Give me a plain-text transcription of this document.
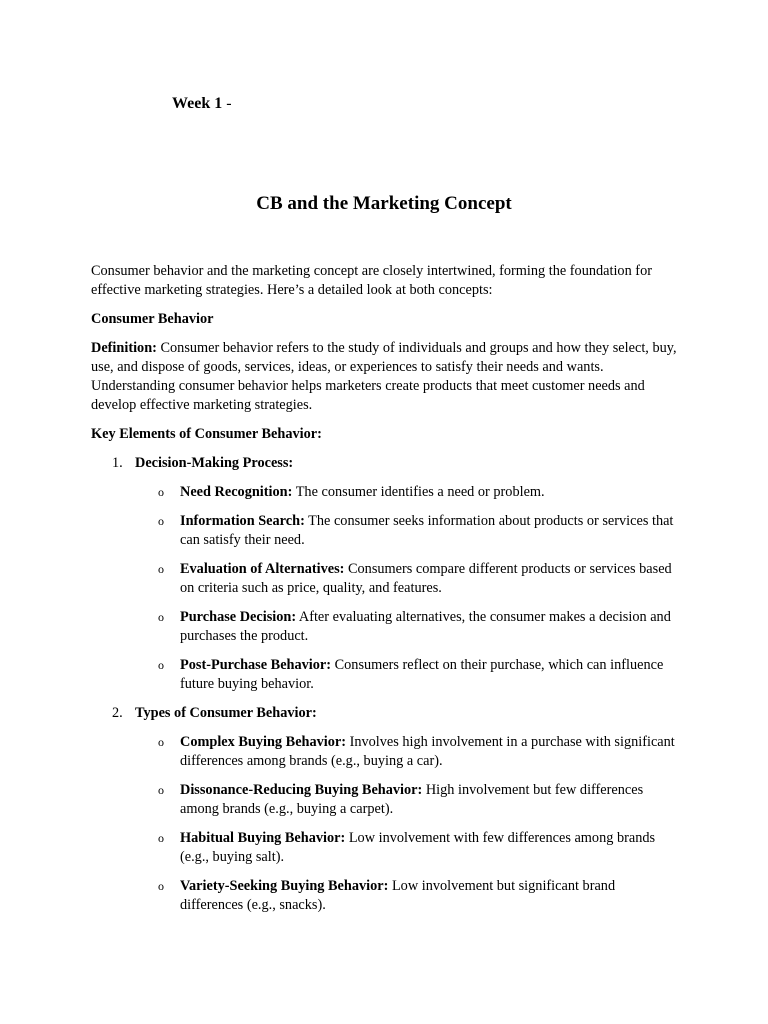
Week 1 -
CB and the Marketing Concept

Consumer behavior and the marketing concept are closely intertwined, forming the foundation for effective marketing strategies. Here’s a detailed look at both concepts:

Consumer Behavior

Definition: Consumer behavior refers to the study of individuals and groups and how they select, buy, use, and dispose of goods, services, ideas, or experiences to satisfy their needs and wants. Understanding consumer behavior helps marketers create products that meet customer needs and develop effective marketing strategies.

Key Elements of Consumer Behavior:

1. Decision-Making Process:
o Need Recognition: The consumer identifies a need or problem.
o Information Search: The consumer seeks information about products or services that can satisfy their need.
o Evaluation of Alternatives: Consumers compare different products or services based on criteria such as price, quality, and features.
o Purchase Decision: After evaluating alternatives, the consumer makes a decision and purchases the product.
o Post-Purchase Behavior: Consumers reflect on their purchase, which can influence future buying behavior.
2. Types of Consumer Behavior:
o Complex Buying Behavior: Involves high involvement in a purchase with significant differences among brands (e.g., buying a car).
o Dissonance-Reducing Buying Behavior: High involvement but few differences among brands (e.g., buying a carpet).
o Habitual Buying Behavior: Low involvement with few differences among brands (e.g., buying salt).
o Variety-Seeking Buying Behavior: Low involvement but significant brand differences (e.g., snacks).
